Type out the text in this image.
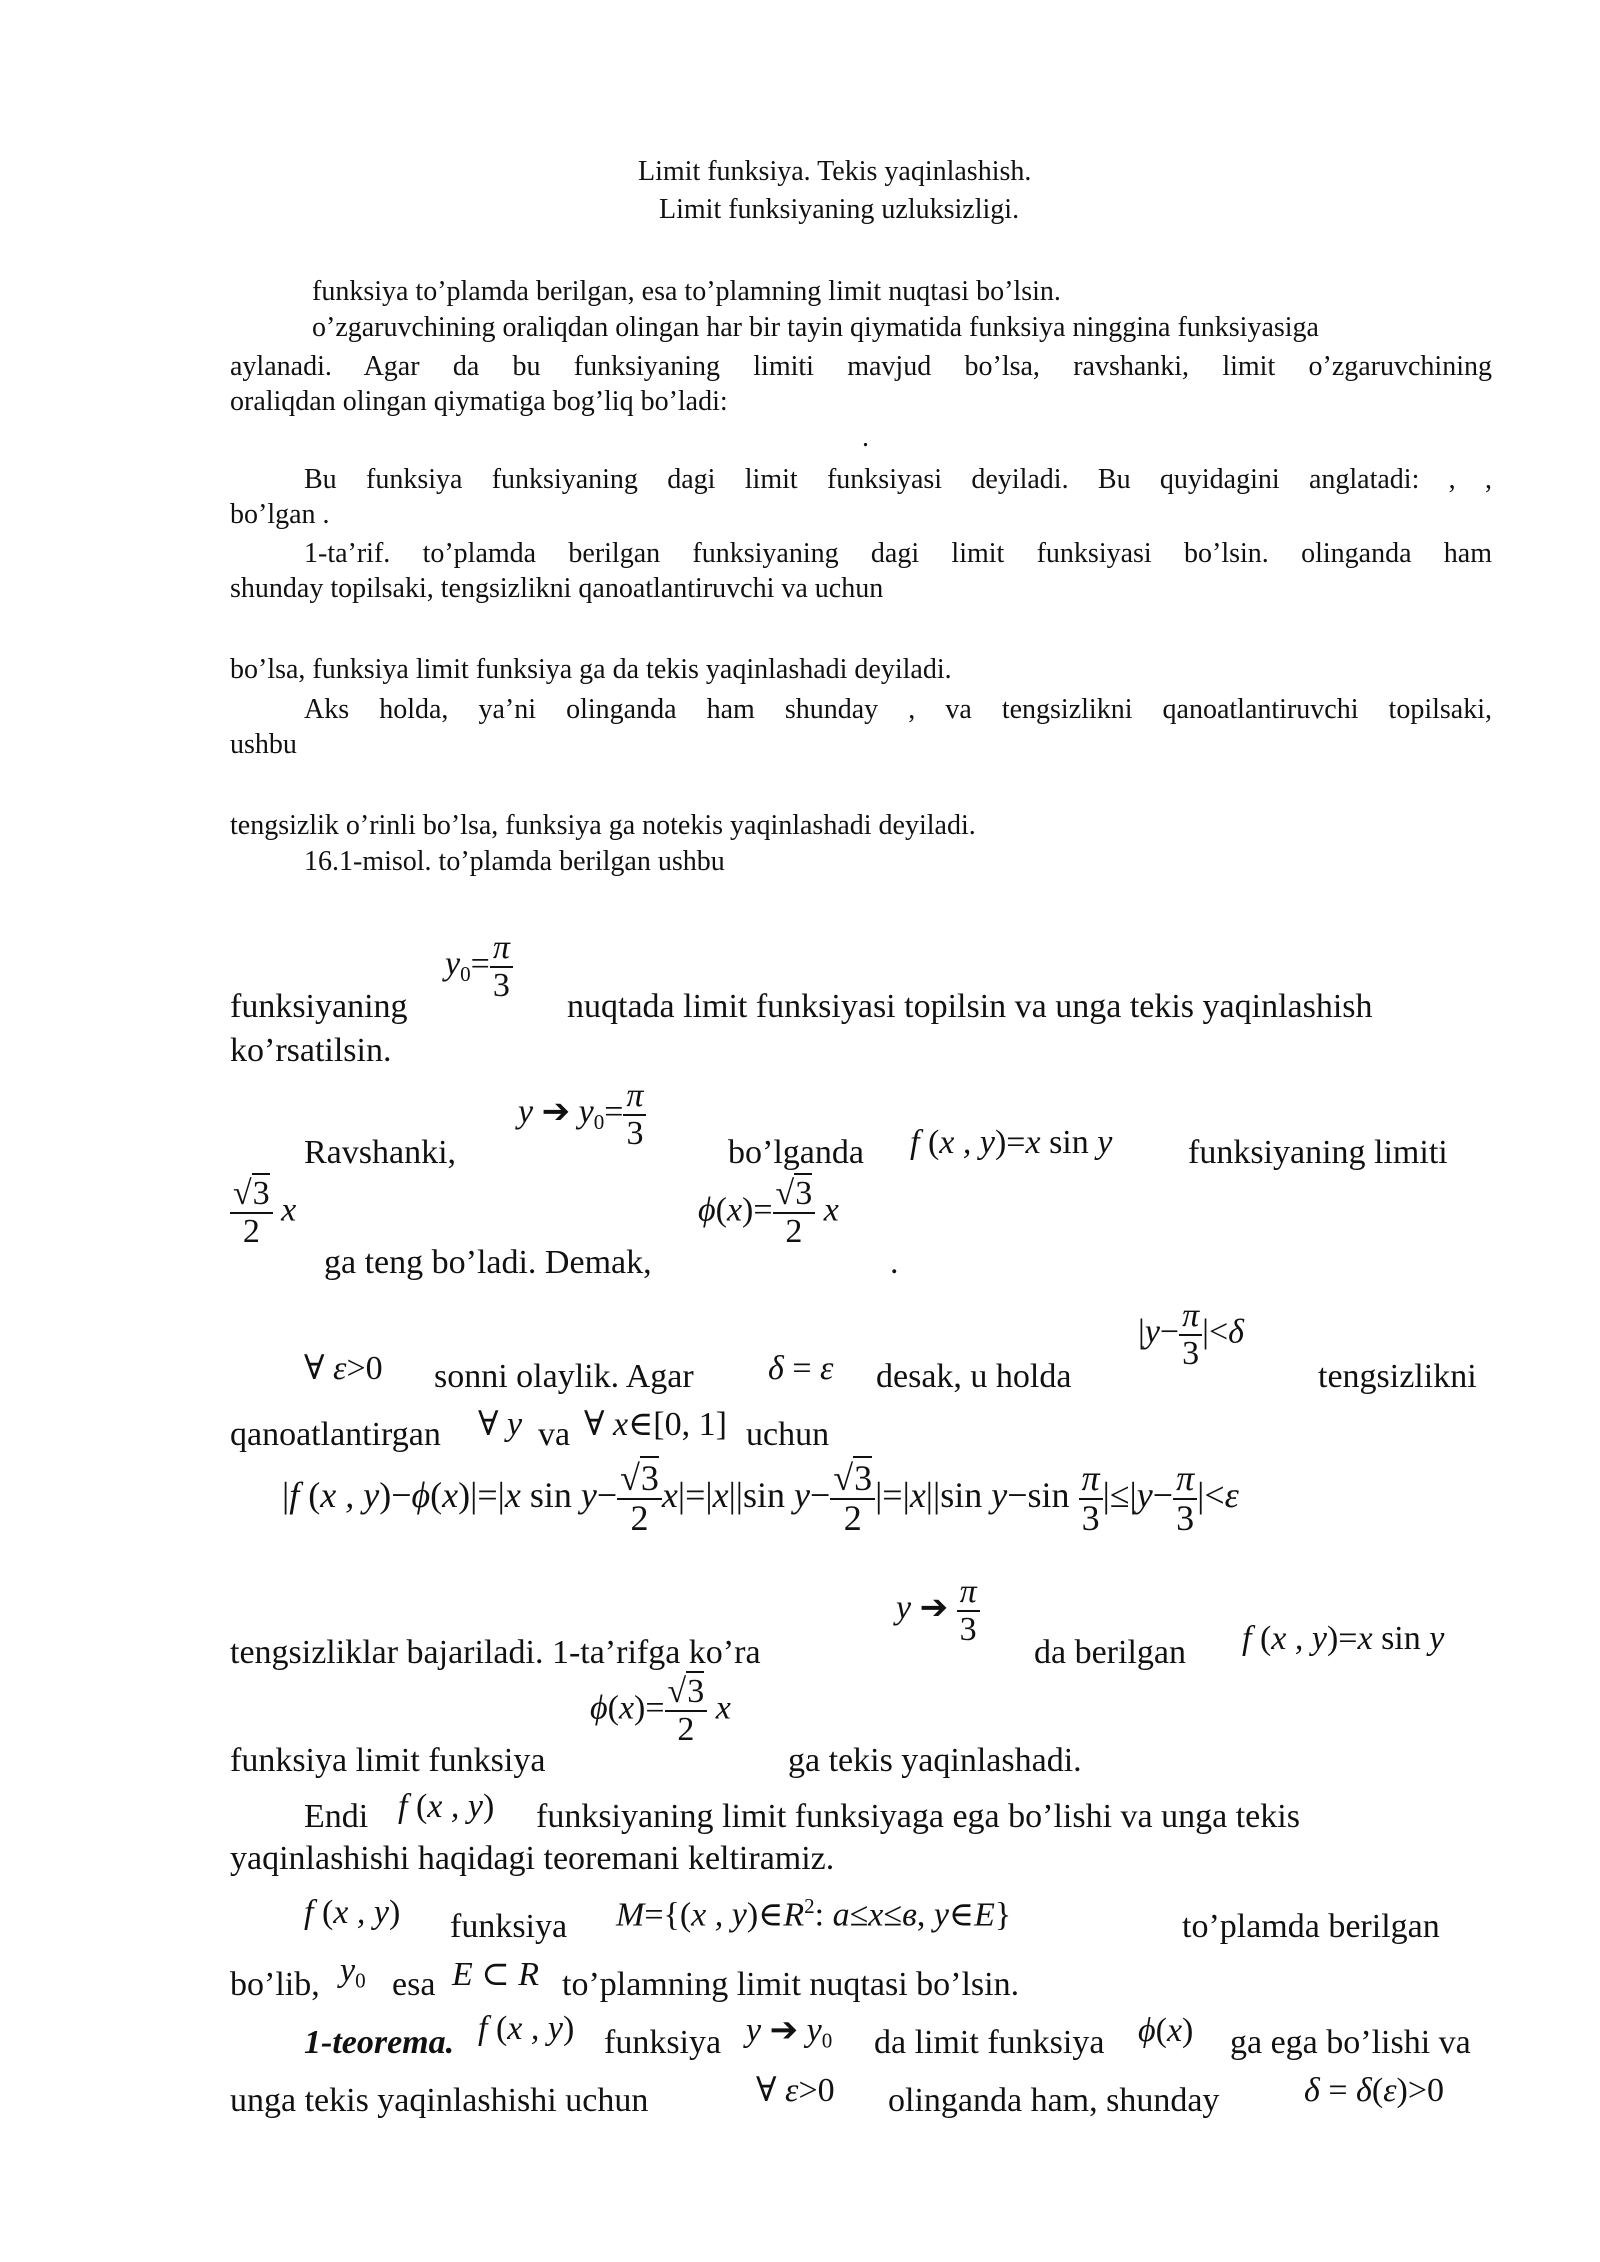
Limit funksiya. Tekis yaqinlashish.
Limit funksiyaning uzluksizligi.
funksiya to’plamda berilgan, esa to’plamning limit nuqtasi bo’lsin.
o’zgaruvchining oraliqdan olingan har bir tayin qiymatida funksiya ninggina funksiyasiga
aylanadi. Agar da bu funksiyaning limiti mavjud bo’lsa, ravshanki, limit o’zgaruvchining
oraliqdan olingan qiymatiga bog’liq bo’ladi:
.
Bu funksiya funksiyaning dagi limit funksiyasi deyiladi. Bu quyidagini anglatadi: , ,
bo’lgan .
1-ta’rif. to’plamda berilgan funksiyaning dagi limit funksiyasi bo’lsin. olinganda ham
shunday topilsaki, tengsizlikni qanoatlantiruvchi va uchun
bo’lsa, funksiya limit funksiya ga da tekis yaqinlashadi deyiladi.
Aks holda, ya’ni olinganda ham shunday , va tengsizlikni qanoatlantiruvchi topilsaki,
ushbu
tengsizlik o’rinli bo’lsa, funksiya ga notekis yaqinlashadi deyiladi.
16.1-misol. to’plamda berilgan ushbu
$y_0= \frac{\pi}{3}$
funksiyaning	nuqtada limit funksiyasi topilsin va unga tekis yaqinlashish
ko’rsatilsin.
y ➔ $y_0= \frac{\pi}{3}$
Ravshanki,	bo’lganda f (x , y)=x sin y funksiyaning limiti
$\frac{√3}{2}$ x
ga teng bo’ladi. Demak,
$\phi(x)= \frac{√3}{2}$ x
.
∀ ε>0 sonni olaylik. Agar δ = ε desak, u holda
$|y- \frac{\pi}{3} |<\delta$
tengsizlikni
qanoatlantirgan ∀ y va ∀ x∈[0, 1] uchun
|f (x , y)−ϕ(x)|=|x $\sin y- \frac{√3}{2} x|=|x||\sin$ $y- \frac{√3}{2} |=|x||\sin$ $y-\sin \frac{\pi}{3} |\le|y- \frac{\pi}{3} |<\varepsilon$
tengsizliklar bajariladi. 1-ta’rifga ko’ra
y ➔ $\frac{\pi}{3}$
da berilgan f (x , y)=x sin y
$\phi(x)= \frac{√3}{2}$ x
funksiya limit funksiya	ga tekis yaqinlashadi.
Endi f (x , y) funksiyaning limit funksiyaga ega bo’lishi va unga tekis
yaqinlashishi haqidagi teoremani keltiramiz.
f (x , y) funksiya M={(x , $y)\in R^2$: a≤x≤в, y∈E}	to’plamda berilgan
bo’lib, $y_0$ esa E ⊂ R to’plamning limit nuqtasi bo’lsin.
1-teorema. f (x , y) funksiya y ➔ $y_0$ da limit funksiya ϕ(x) ga ega bo’lishi va
unga tekis yaqinlashishi uchun	∀ ε>0 olinganda ham, shunday δ = δ(ε)>0
